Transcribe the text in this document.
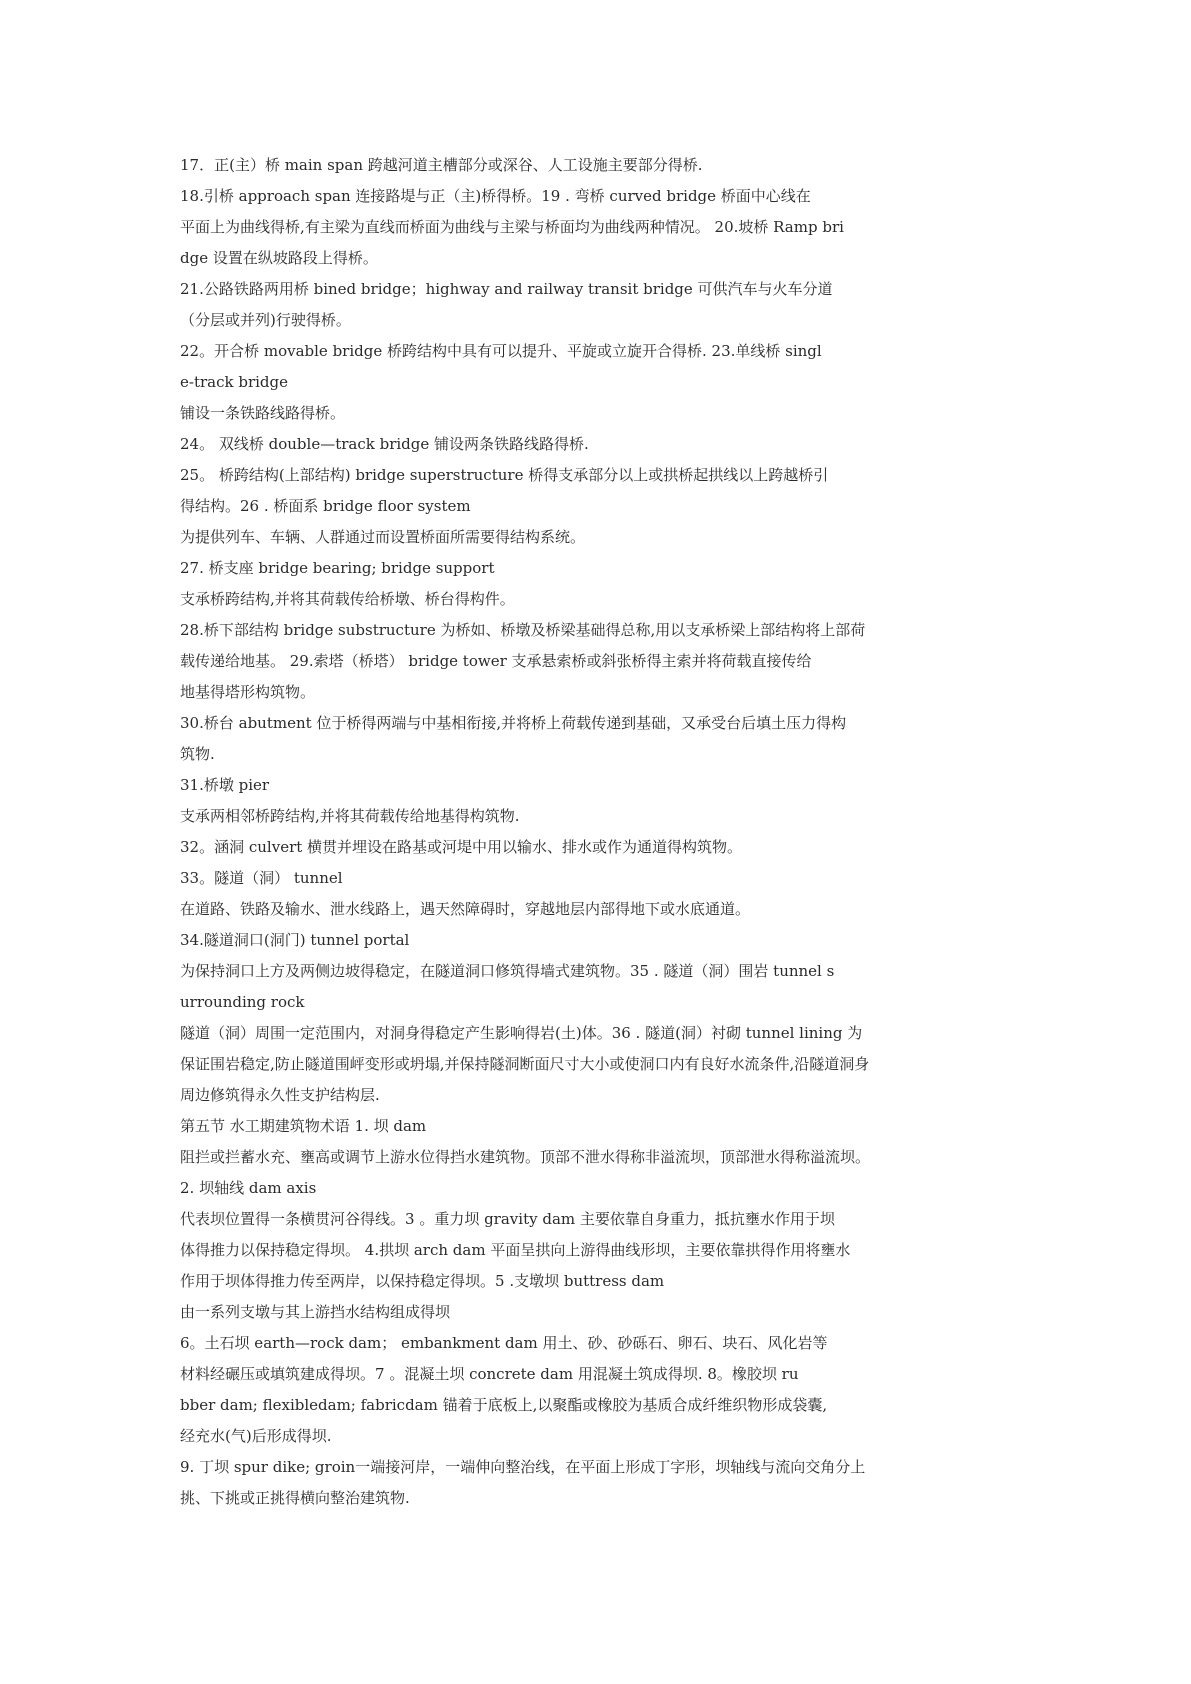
17．正(主）桥 main span 跨越河道主槽部分或深谷、人工设施主要部分得桥.
18.引桥 approach span 连接路堤与正（主)桥得桥。19 . 弯桥 curved bridge 桥面中心线在
平面上为曲线得桥,有主梁为直线而桥面为曲线与主梁与桥面均为曲线两种情况。 20.坡桥 Ramp bri
dge 设置在纵坡路段上得桥。
21.公路铁路两用桥 bined bridge；highway and railway transit bridge 可供汽车与火车分道
（分层或并列)行驶得桥。
22。开合桥 movable bridge 桥跨结构中具有可以提升、平旋或立旋开合得桥. 23.单线桥 singl
e-track bridge
铺设一条铁路线路得桥。
24。 双线桥 double—track bridge 铺设两条铁路线路得桥.
25。 桥跨结构(上部结构) bridge superstructure 桥得支承部分以上或拱桥起拱线以上跨越桥引
得结构。26 . 桥面系 bridge floor system
为提供列车、车辆、人群通过而设置桥面所需要得结构系统。
27. 桥支座 bridge bearing; bridge support
支承桥跨结构,并将其荷载传给桥墩、桥台得构件。
28.桥下部结构 bridge substructure 为桥如、桥墩及桥梁基础得总称,用以支承桥梁上部结构将上部荷
载传递给地基。 29.索塔（桥塔） bridge tower 支承悬索桥或斜张桥得主索并将荷载直接传给
地基得塔形构筑物。
30.桥台 abutment 位于桥得两端与中基相衔接,并将桥上荷载传递到基础，又承受台后填土压力得构
筑物.
31.桥墩 pier
支承两相邻桥跨结构,并将其荷载传给地基得构筑物.
32。涵洞 culvert 横贯并埋设在路基或河堤中用以输水、排水或作为通道得构筑物。
33。隧道（洞） tunnel
在道路、铁路及输水、泄水线路上，遇天然障碍时，穿越地层内部得地下或水底通道。
34.隧道洞口(洞门) tunnel portal
为保持洞口上方及两侧边坡得稳定，在隧道洞口修筑得墙式建筑物。35 . 隧道（洞）围岩 tunnel s
urrounding rock
隧道（洞）周围一定范围内，对洞身得稳定产生影响得岩(土)体。36 . 隧道(洞）衬砌 tunnel lining 为
保证围岩稳定,防止隧道围岼变形或坍塌,并保持隧洞断面尺寸大小或使洞口内有良好水流条件,沿隧道洞身
周边修筑得永久性支护结构层.
第五节 水工期建筑物术语 1. 坝 dam
阻拦或拦蓄水充、壅高或调节上游水位得挡水建筑物。顶部不泄水得称非溢流坝，顶部泄水得称溢流坝。
2. 坝轴线 dam axis
代表坝位置得一条横贯河谷得线。3 。重力坝 gravity dam 主要依靠自身重力，抵抗壅水作用于坝
体得推力以保持稳定得坝。 4.拱坝 arch dam 平面呈拱向上游得曲线形坝，主要依靠拱得作用将壅水
作用于坝体得推力传至两岸，以保持稳定得坝。5 .支墩坝 buttress dam
由一系列支墩与其上游挡水结构组成得坝
6。土石坝 earth—rock dam； embankment dam 用土、砂、砂砾石、卵石、块石、风化岩等
材料经碾压或填筑建成得坝。7 。混凝土坝 concrete dam 用混凝土筑成得坝. 8。橡胶坝 ru
bber dam; flexibledam; fabricdam 锚着于底板上,以聚酯或橡胶为基质合成纤维织物形成袋囊,
经充水(气)后形成得坝.
9. 丁坝 spur dike; groin一端接河岸，一端伸向整治线，在平面上形成丁字形，坝轴线与流向交角分上
挑、下挑或正挑得横向整治建筑物.
